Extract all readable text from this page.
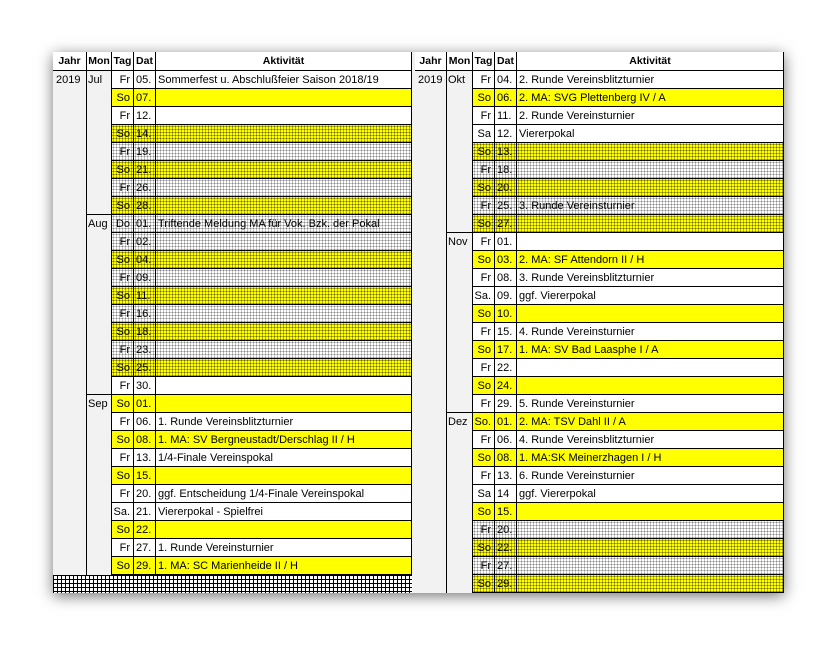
Jahr Mon Tag Dat	Aktivität
2019 Jul	Fr 05. Sommerfest u. Abschlußfeier Saison 2018/19
So 07.
Fr 12.
So 14.
Fr 19.
So 21.
Fr 26.
So 28.
Aug Do 01. Triftende Meldung MA für Vok. Bzk. der Pokal
Fr 02.
So 04.
Fr 09.
So 11.
Fr 16.
So 18.
Fr 23.
So 25.
Fr 30.
Sep So 01.
Fr 06. 1. Runde Vereinsblitzturnier
So 08. 1. MA: SV Bergneustadt/Derschlag II / H
Fr 13. 1/4-Finale Vereinspokal
So 15.
Fr 20. ggf. Entscheidung 1/4-Finale Vereinspokal
Sa. 21. Viererpokal - Spielfrei
So 22.
Fr 27. 1. Runde Vereinsturnier
So 29. 1. MA: SC Marienheide II / H
Jahr Mon Tag Dat	Aktivität
2019 Okt	Fr 04. 2. Runde Vereinsblitzturnier
So 06. 2. MA: SVG Plettenberg IV / A
Fr 11. 2. Runde Vereinsturnier
Sa 12. Viererpokal
So 13.
Fr 18.
So 20.
Fr 25. 3. Runde Vereinsturnier
So 27.
Nov	Fr 01.
So 03. 2. MA: SF Attendorn II / H
Fr 08. 3. Runde Vereinsblitzturnier
Sa. 09. ggf. Viererpokal
So 10.
Fr 15. 4. Runde Vereinsturnier
So 17. 1. MA: SV Bad Laasphe I / A
Fr 22.
So 24.
Fr 29. 5. Runde Vereinsturnier
Dez So. 01. 2. MA: TSV Dahl II / A
Fr 06. 4. Runde Vereinsblitzturnier
So 08. 1. MA:SK Meinerzhagen I / H
Fr 13. 6. Runde Vereinsturnier
Sa 14 ggf. Viererpokal
So 15.
Fr 20.
So 22.
Fr 27.
So 29.
